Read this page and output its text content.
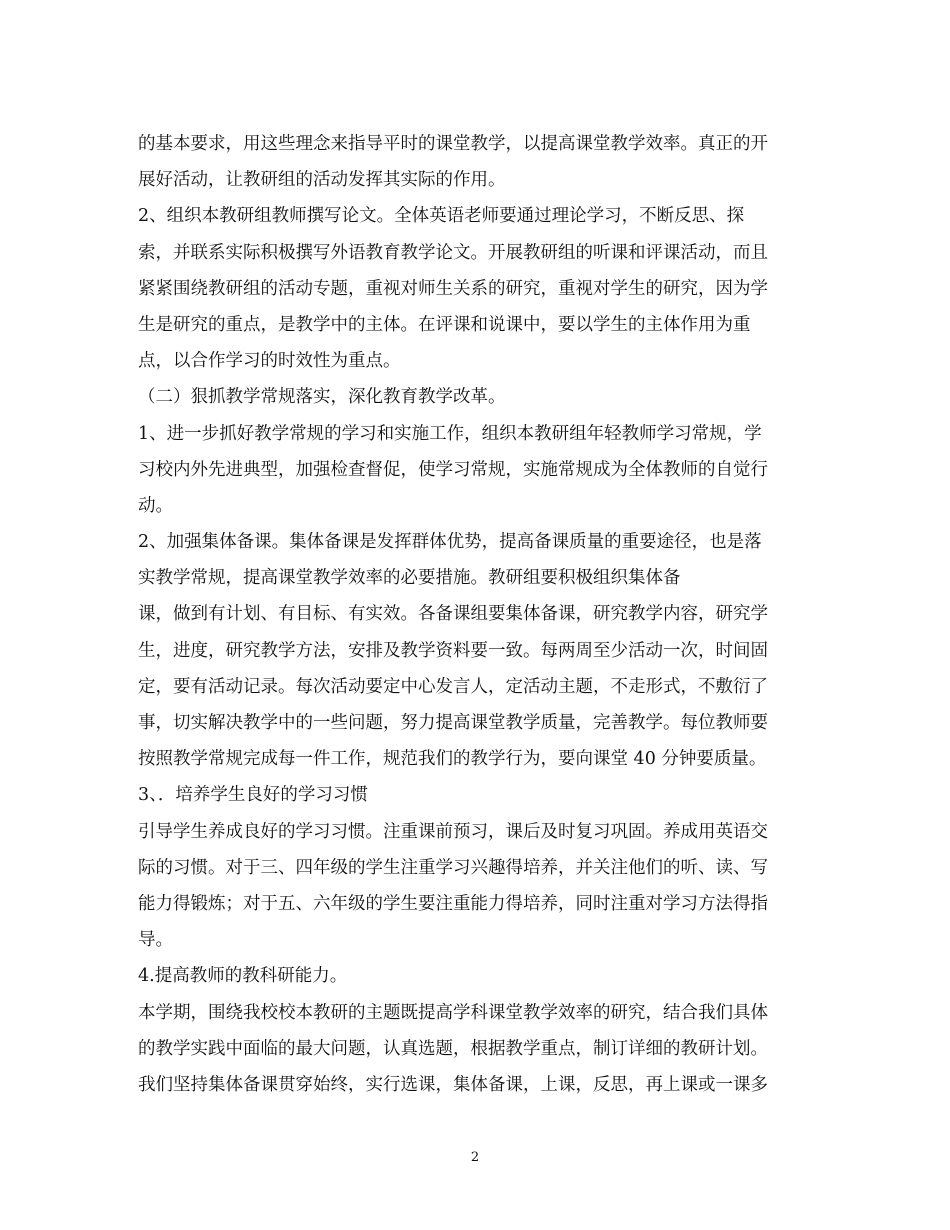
的基本要求，用这些理念来指导平时的课堂教学，以提高课堂教学效率。真正的开
展好活动，让教研组的活动发挥其实际的作用。
2、组织本教研组教师撰写论文。全体英语老师要通过理论学习，不断反思、探
索，并联系实际积极撰写外语教育教学论文。开展教研组的听课和评课活动，而且
紧紧围绕教研组的活动专题，重视对师生关系的研究，重视对学生的研究，因为学
生是研究的重点，是教学中的主体。在评课和说课中，要以学生的主体作用为重
点，以合作学习的时效性为重点。
（二）狠抓教学常规落实，深化教育教学改革。
1、进一步抓好教学常规的学习和实施工作，组织本教研组年轻教师学习常规，学
习校内外先进典型，加强检查督促，使学习常规，实施常规成为全体教师的自觉行
动。
2、加强集体备课。集体备课是发挥群体优势，提高备课质量的重要途径，也是落
实教学常规，提高课堂教学效率的必要措施。教研组要积极组织集体备
课，做到有计划、有目标、有实效。各备课组要集体备课，研究教学内容，研究学
生，进度，研究教学方法，安排及教学资料要一致。每两周至少活动一次，时间固
定，要有活动记录。每次活动要定中心发言人，定活动主题，不走形式，不敷衍了
事，切实解决教学中的一些问题，努力提高课堂教学质量，完善教学。每位教师要
按照教学常规完成每一件工作，规范我们的教学行为，要向课堂 40 分钟要质量。
3、．培养学生良好的学习习惯
引导学生养成良好的学习习惯。注重课前预习，课后及时复习巩固。养成用英语交
际的习惯。对于三、四年级的学生注重学习兴趣得培养，并关注他们的听、读、写
能力得锻炼；对于五、六年级的学生要注重能力得培养，同时注重对学习方法得指
导。
4.提高教师的教科研能力。
本学期，围绕我校校本教研的主题既提高学科课堂教学效率的研究，结合我们具体
的教学实践中面临的最大问题，认真选题，根据教学重点，制订详细的教研计划。
我们坚持集体备课贯穿始终，实行选课，集体备课，上课，反思，再上课或一课多
2
